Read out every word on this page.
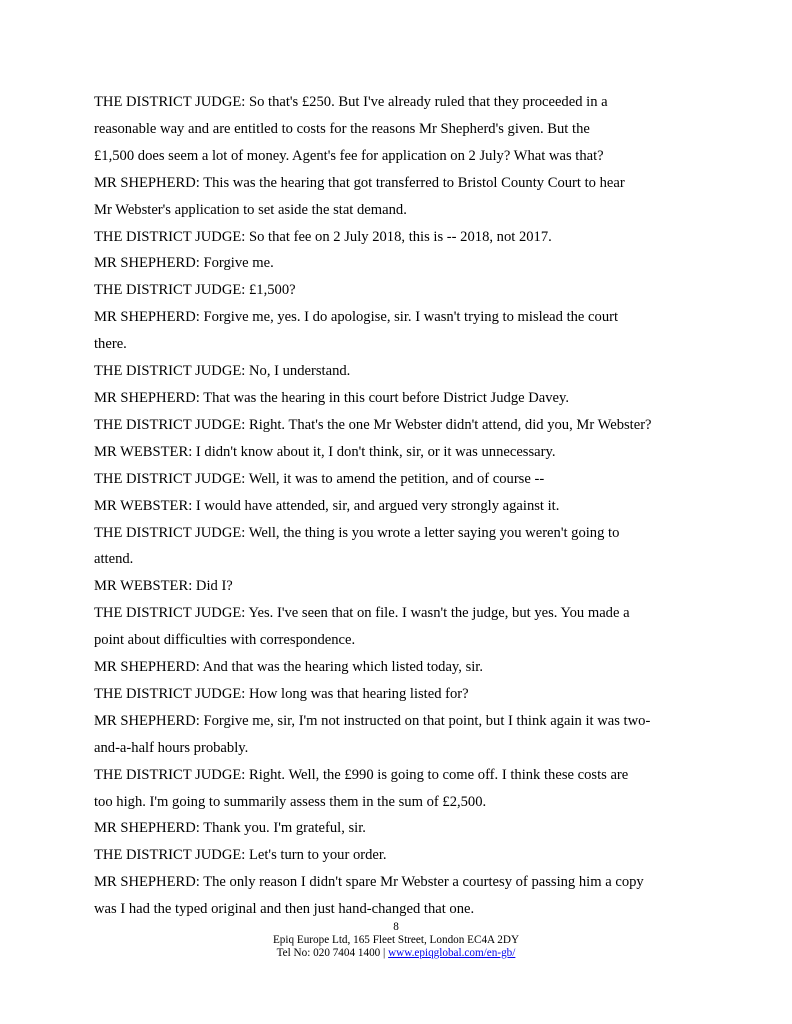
THE DISTRICT JUDGE: So that's £250. But I've already ruled that they proceeded in a
reasonable way and are entitled to costs for the reasons Mr Shepherd's given. But the
£1,500 does seem a lot of money. Agent's fee for application on 2 July? What was that?
MR SHEPHERD: This was the hearing that got transferred to Bristol County Court to hear
Mr Webster's application to set aside the stat demand.
THE DISTRICT JUDGE: So that fee on 2 July 2018, this is -- 2018, not 2017.
MR SHEPHERD: Forgive me.
THE DISTRICT JUDGE: £1,500?
MR SHEPHERD: Forgive me, yes. I do apologise, sir. I wasn't trying to mislead the court
there.
THE DISTRICT JUDGE: No, I understand.
MR SHEPHERD: That was the hearing in this court before District Judge Davey.
THE DISTRICT JUDGE: Right. That's the one Mr Webster didn't attend, did you, Mr Webster?
MR WEBSTER: I didn't know about it, I don't think, sir, or it was unnecessary.
THE DISTRICT JUDGE: Well, it was to amend the petition, and of course --
MR WEBSTER: I would have attended, sir, and argued very strongly against it.
THE DISTRICT JUDGE: Well, the thing is you wrote a letter saying you weren't going to
attend.
MR WEBSTER: Did I?
THE DISTRICT JUDGE: Yes. I've seen that on file. I wasn't the judge, but yes. You made a
point about difficulties with correspondence.
MR SHEPHERD: And that was the hearing which listed today, sir.
THE DISTRICT JUDGE: How long was that hearing listed for?
MR SHEPHERD: Forgive me, sir, I'm not instructed on that point, but I think again it was two-
and-a-half hours probably.
THE DISTRICT JUDGE: Right. Well, the £990 is going to come off. I think these costs are
too high. I'm going to summarily assess them in the sum of £2,500.
MR SHEPHERD: Thank you. I'm grateful, sir.
THE DISTRICT JUDGE: Let's turn to your order.
MR SHEPHERD: The only reason I didn't spare Mr Webster a courtesy of passing him a copy
was I had the typed original and then just hand-changed that one.
8
Epiq Europe Ltd, 165 Fleet Street, London EC4A 2DY
Tel No: 020 7404 1400 | www.epiqglobal.com/en-gb/
